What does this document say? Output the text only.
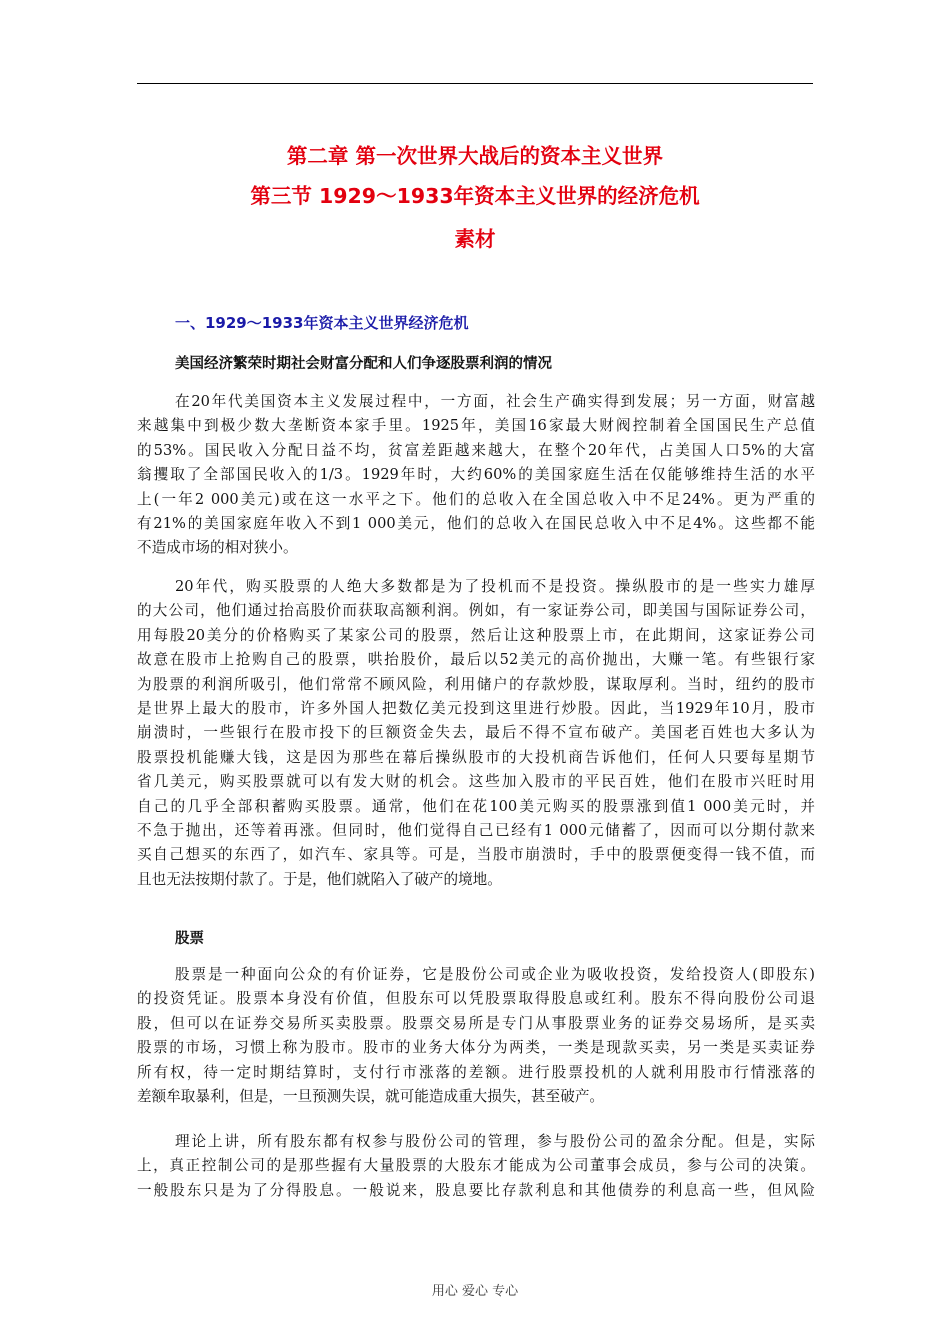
第二章 第一次世界大战后的资本主义世界
第三节 1929～1933年资本主义世界的经济危机
素材
一、1929～1933年资本主义世界经济危机
美国经济繁荣时期社会财富分配和人们争逐股票利润的情况
在20年代美国资本主义发展过程中，一方面，社会生产确实得到发展；另一方面，财富越
来越集中到极少数大垄断资本家手里。1925年，美国16家最大财阀控制着全国国民生产总值
的53%。国民收入分配日益不均，贫富差距越来越大，在整个20年代，占美国人口5%的大富
翁攫取了全部国民收入的1/3。1929年时，大约60%的美国家庭生活在仅能够维持生活的水平
上(一年2 000美元)或在这一水平之下。他们的总收入在全国总收入中不足24%。更为严重的
有21%的美国家庭年收入不到1 000美元，他们的总收入在国民总收入中不足4%。这些都不能
不造成市场的相对狭小。
20年代，购买股票的人绝大多数都是为了投机而不是投资。操纵股市的是一些实力雄厚
的大公司，他们通过抬高股价而获取高额利润。例如，有一家证券公司，即美国与国际证券公司，
用每股20美分的价格购买了某家公司的股票，然后让这种股票上市，在此期间，这家证券公司
故意在股市上抢购自己的股票，哄抬股价，最后以52美元的高价抛出，大赚一笔。有些银行家
为股票的利润所吸引，他们常常不顾风险，利用储户的存款炒股，谋取厚利。当时，纽约的股市
是世界上最大的股市，许多外国人把数亿美元投到这里进行炒股。因此，当1929年10月，股市
崩溃时，一些银行在股市投下的巨额资金失去，最后不得不宣布破产。美国老百姓也大多认为
股票投机能赚大钱，这是因为那些在幕后操纵股市的大投机商告诉他们，任何人只要每星期节
省几美元，购买股票就可以有发大财的机会。这些加入股市的平民百姓，他们在股市兴旺时用
自己的几乎全部积蓄购买股票。通常，他们在花100美元购买的股票涨到值1 000美元时，并
不急于抛出，还等着再涨。但同时，他们觉得自己已经有1 000元储蓄了，因而可以分期付款来
买自己想买的东西了，如汽车、家具等。可是，当股市崩溃时，手中的股票便变得一钱不值，而
且也无法按期付款了。于是，他们就陷入了破产的境地。
股票
股票是一种面向公众的有价证券，它是股份公司或企业为吸收投资，发给投资人(即股东)
的投资凭证。股票本身没有价值，但股东可以凭股票取得股息或红利。股东不得向股份公司退
股，但可以在证券交易所买卖股票。股票交易所是专门从事股票业务的证券交易场所，是买卖
股票的市场，习惯上称为股市。股市的业务大体分为两类，一类是现款买卖，另一类是买卖证券
所有权，待一定时期结算时，支付行市涨落的差额。进行股票投机的人就利用股市行情涨落的
差额牟取暴利，但是，一旦预测失误，就可能造成重大损失，甚至破产。
理论上讲，所有股东都有权参与股份公司的管理，参与股份公司的盈余分配。但是，实际
上，真正控制公司的是那些握有大量股票的大股东才能成为公司董事会成员，参与公司的决策。
一般股东只是为了分得股息。一般说来，股息要比存款利息和其他债券的利息高一些，但风险
用心 爱心 专心
